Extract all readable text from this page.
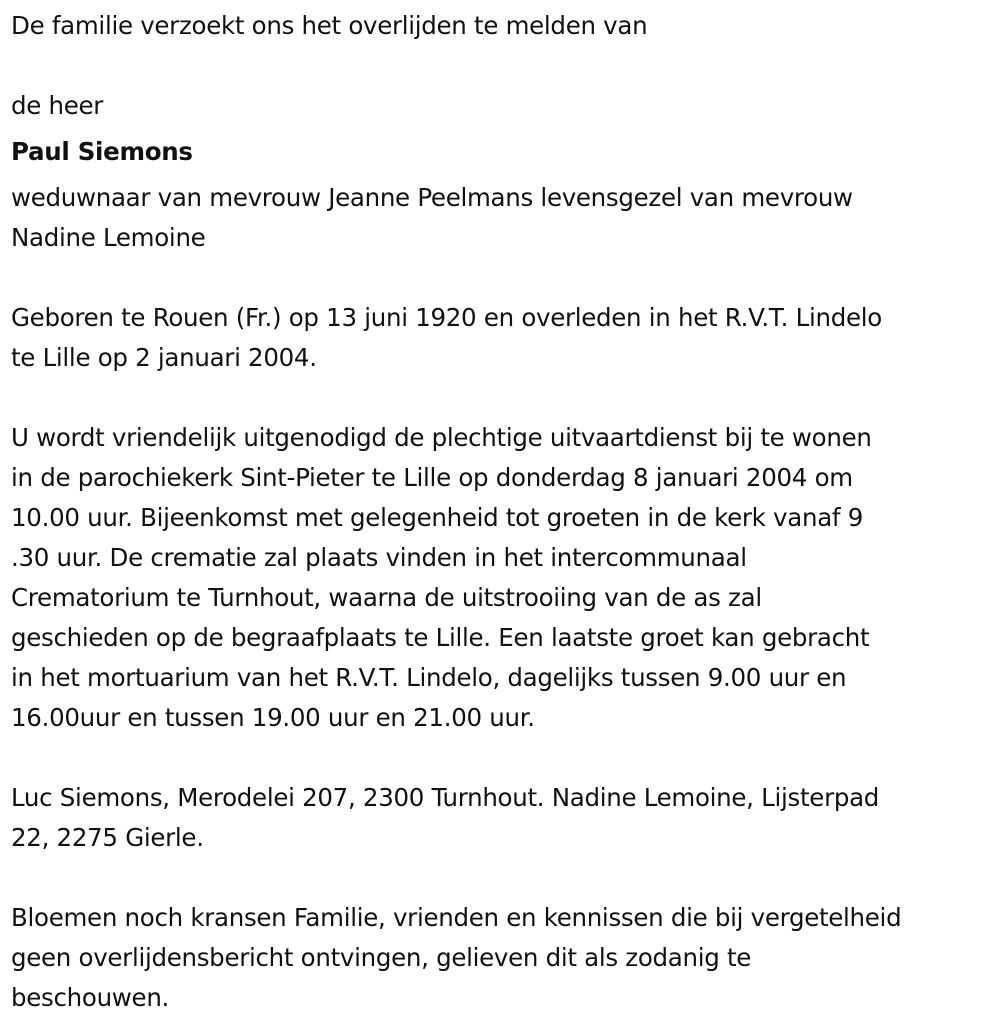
De familie verzoekt ons het overlijden te melden van

de heer

Paul Siemons

weduwnaar van mevrouw Jeanne Peelmans levensgezel van mevrouw
Nadine Lemoine

Geboren te Rouen (Fr.) op 13 juni 1920 en overleden in het R.V.T. Lindelo
te Lille op 2 januari 2004.

U wordt vriendelijk uitgenodigd de plechtige uitvaartdienst bij te wonen
in de parochiekerk Sint-Pieter te Lille op donderdag 8 januari 2004 om
10.00 uur. Bijeenkomst met gelegenheid tot groeten in de kerk vanaf 9
.30 uur. De crematie zal plaats vinden in het intercommunaal
Crematorium te Turnhout, waarna de uitstrooiing van de as zal
geschieden op de begraafplaats te Lille. Een laatste groet kan gebracht
in het mortuarium van het R.V.T. Lindelo, dagelijks tussen 9.00 uur en
16.00uur en tussen 19.00 uur en 21.00 uur.

Luc Siemons, Merodelei 207, 2300 Turnhout. Nadine Lemoine, Lijsterpad
22, 2275 Gierle.

Bloemen noch kransen Familie, vrienden en kennissen die bij vergetelheid
geen overlijdensbericht ontvingen, gelieven dit als zodanig te
beschouwen.
